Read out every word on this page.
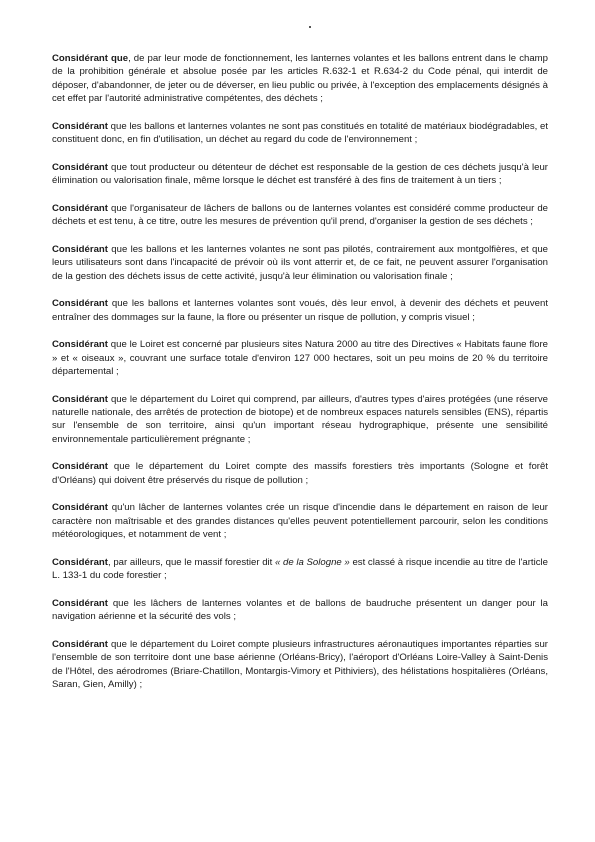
Considérant que, de par leur mode de fonctionnement, les lanternes volantes et les ballons entrent dans le champ de la prohibition générale et absolue posée par les articles R.632-1 et R.634-2 du Code pénal, qui interdit de déposer, d'abandonner, de jeter ou de déverser, en lieu public ou privée, à l'exception des emplacements désignés à cet effet par l'autorité administrative compétentes, des déchets ;

Considérant que les ballons et lanternes volantes ne sont pas constitués en totalité de matériaux biodégradables, et constituent donc, en fin d'utilisation, un déchet au regard du code de l'environnement ;

Considérant que tout producteur ou détenteur de déchet est responsable de la gestion de ces déchets jusqu'à leur élimination ou valorisation finale, même lorsque le déchet est transféré à des fins de traitement à un tiers ;

Considérant que l'organisateur de lâchers de ballons ou de lanternes volantes est considéré comme producteur de déchets et est tenu, à ce titre, outre les mesures de prévention qu'il prend, d'organiser la gestion de ses déchets ;

Considérant que les ballons et les lanternes volantes ne sont pas pilotés, contrairement aux montgolfières, et que leurs utilisateurs sont dans l'incapacité de prévoir où ils vont atterrir et, de ce fait, ne peuvent assurer l'organisation de la gestion des déchets issus de cette activité, jusqu'à leur élimination ou valorisation finale ;

Considérant que les ballons et lanternes volantes sont voués, dès leur envol, à devenir des déchets et peuvent entraîner des dommages sur la faune, la flore ou présenter un risque de pollution, y compris visuel ;

Considérant que le Loiret est concerné par plusieurs sites Natura 2000 au titre des Directives « Habitats faune flore » et « oiseaux », couvrant une surface totale d'environ 127 000 hectares, soit un peu moins de 20 % du territoire départemental ;

Considérant que le département du Loiret qui comprend, par ailleurs, d'autres types d'aires protégées (une réserve naturelle nationale, des arrêtés de protection de biotope) et de nombreux espaces naturels sensibles (ENS), répartis sur l'ensemble de son territoire, ainsi qu'un important réseau hydrographique, présente une sensibilité environnementale particulièrement prégnante ;

Considérant que le département du Loiret compte des massifs forestiers très importants (Sologne et forêt d'Orléans) qui doivent être préservés du risque de pollution ;

Considérant qu'un lâcher de lanternes volantes crée un risque d'incendie dans le département en raison de leur caractère non maîtrisable et des grandes distances qu'elles peuvent potentiellement parcourir, selon les conditions météorologiques, et notamment de vent ;

Considérant, par ailleurs, que le massif forestier dit « de la Sologne » est classé à risque incendie au titre de l'article L. 133-1 du code forestier ;

Considérant que les lâchers de lanternes volantes et de ballons de baudruche présentent un danger pour la navigation aérienne et la sécurité des vols ;

Considérant que le département du Loiret compte plusieurs infrastructures aéronautiques importantes réparties sur l'ensemble de son territoire dont une base aérienne (Orléans-Bricy), l'aéroport d'Orléans Loire-Valley à Saint-Denis de l'Hôtel, des aérodromes (Briare-Chatillon, Montargis-Vimory et Pithiviers), des hélistations hospitalières (Orléans, Saran, Gien, Amilly) ;
